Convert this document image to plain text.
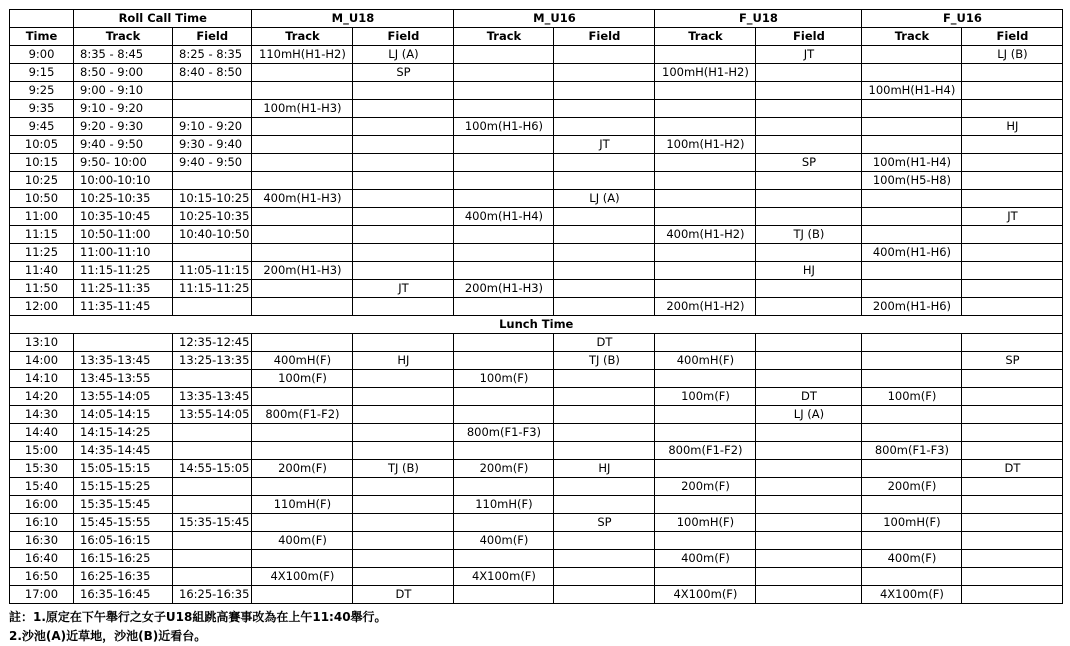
	Roll Call Time		M_U18		M_U16		F_U18		F_U16	
Time	Track	Field	Track	Field	Track	Field	Track	Field	Track	Field
9:00	8:35 - 8:45	8:25 - 8:35	110mH(H1-H2)	LJ (A)				JT		LJ (B)
9:15	8:50 - 9:00	8:40 - 8:50		SP			100mH(H1-H2)			
9:25	9:00 - 9:10								100mH(H1-H4)	
9:35	9:10 - 9:20		100m(H1-H3)							
9:45	9:20 - 9:30	9:10 - 9:20			100m(H1-H6)					HJ
10:05	9:40 - 9:50	9:30 - 9:40				JT	100m(H1-H2)			
10:15	9:50- 10:00	9:40 - 9:50						SP	100m(H1-H4)	
10:25	10:00-10:10								100m(H5-H8)	
10:50	10:25-10:35	10:15-10:25	400m(H1-H3)			LJ (A)				
11:00	10:35-10:45	10:25-10:35			400m(H1-H4)					JT
11:15	10:50-11:00	10:40-10:50					400m(H1-H2)	TJ (B)		
11:25	11:00-11:10								400m(H1-H6)	
11:40	11:15-11:25	11:05-11:15	200m(H1-H3)					HJ		
11:50	11:25-11:35	11:15-11:25		JT	200m(H1-H3)					
12:00	11:35-11:45						200m(H1-H2)		200m(H1-H6)	
Lunch Time										
13:10		12:35-12:45				DT				
14:00	13:35-13:45	13:25-13:35	400mH(F)	HJ		TJ (B)	400mH(F)			SP
14:10	13:45-13:55		100m(F)		100m(F)					
14:20	13:55-14:05	13:35-13:45					100m(F)	DT	100m(F)	
14:30	14:05-14:15	13:55-14:05	800m(F1-F2)					LJ (A)		
14:40	14:15-14:25				800m(F1-F3)					
15:00	14:35-14:45						800m(F1-F2)		800m(F1-F3)	
15:30	15:05-15:15	14:55-15:05	200m(F)	TJ (B)	200m(F)	HJ				DT
15:40	15:15-15:25						200m(F)		200m(F)	
16:00	15:35-15:45		110mH(F)		110mH(F)					
16:10	15:45-15:55	15:35-15:45				SP	100mH(F)		100mH(F)	
16:30	16:05-16:15		400m(F)		400m(F)					
16:40	16:15-16:25						400m(F)		400m(F)	
16:50	16:25-16:35		4X100m(F)		4X100m(F)					
17:00	16:35-16:45	16:25-16:35		DT			4X100m(F)		4X100m(F)	
註：1.原定在下午舉行之女子U18組跳高賽事改為在上午11:40舉行。
2.沙池(A)近草地，沙池(B)近看台。
